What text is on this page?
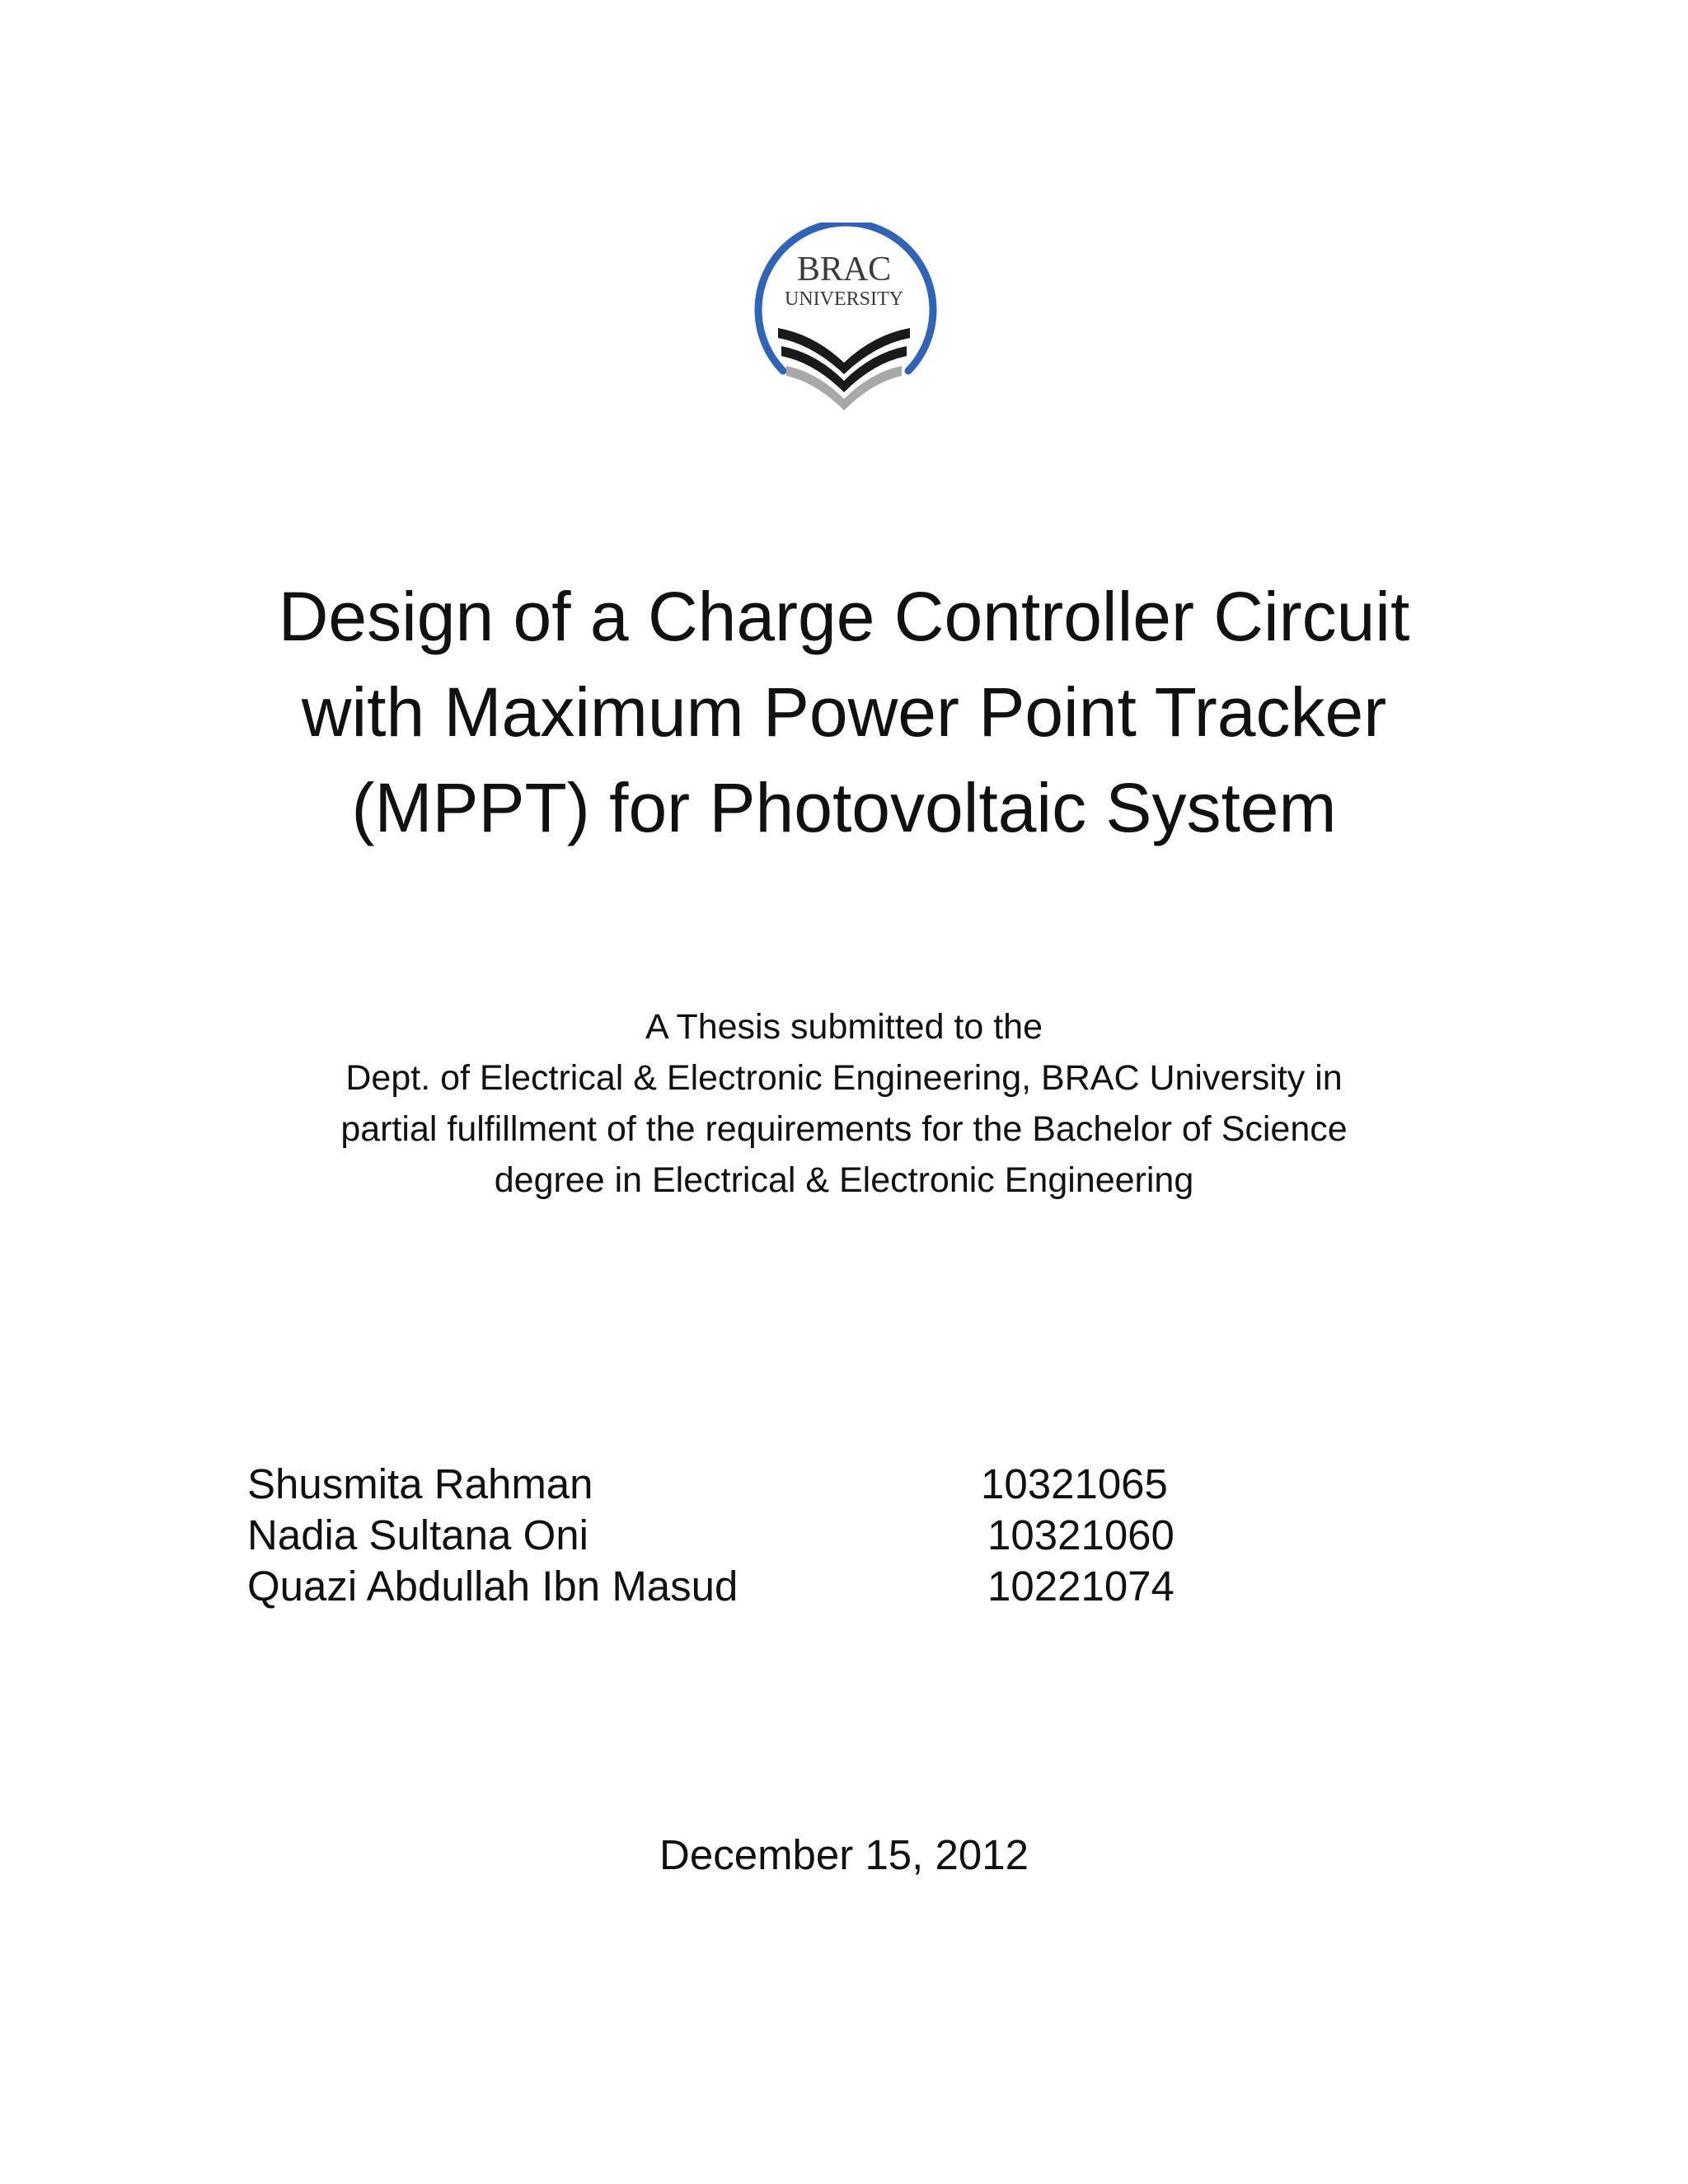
BRAC
UNIVERSITY
Design of a Charge Controller Circuit
with Maximum Power Point Tracker
(MPPT) for Photovoltaic System
A Thesis submitted to the
Dept. of Electrical & Electronic Engineering, BRAC University in
partial fulfillment of the requirements for the Bachelor of Science
degree in Electrical & Electronic Engineering
Shusmita Rahman	10321065
Nadia Sultana Oni	10321060
Quazi Abdullah Ibn Masud	10221074
December 15, 2012
